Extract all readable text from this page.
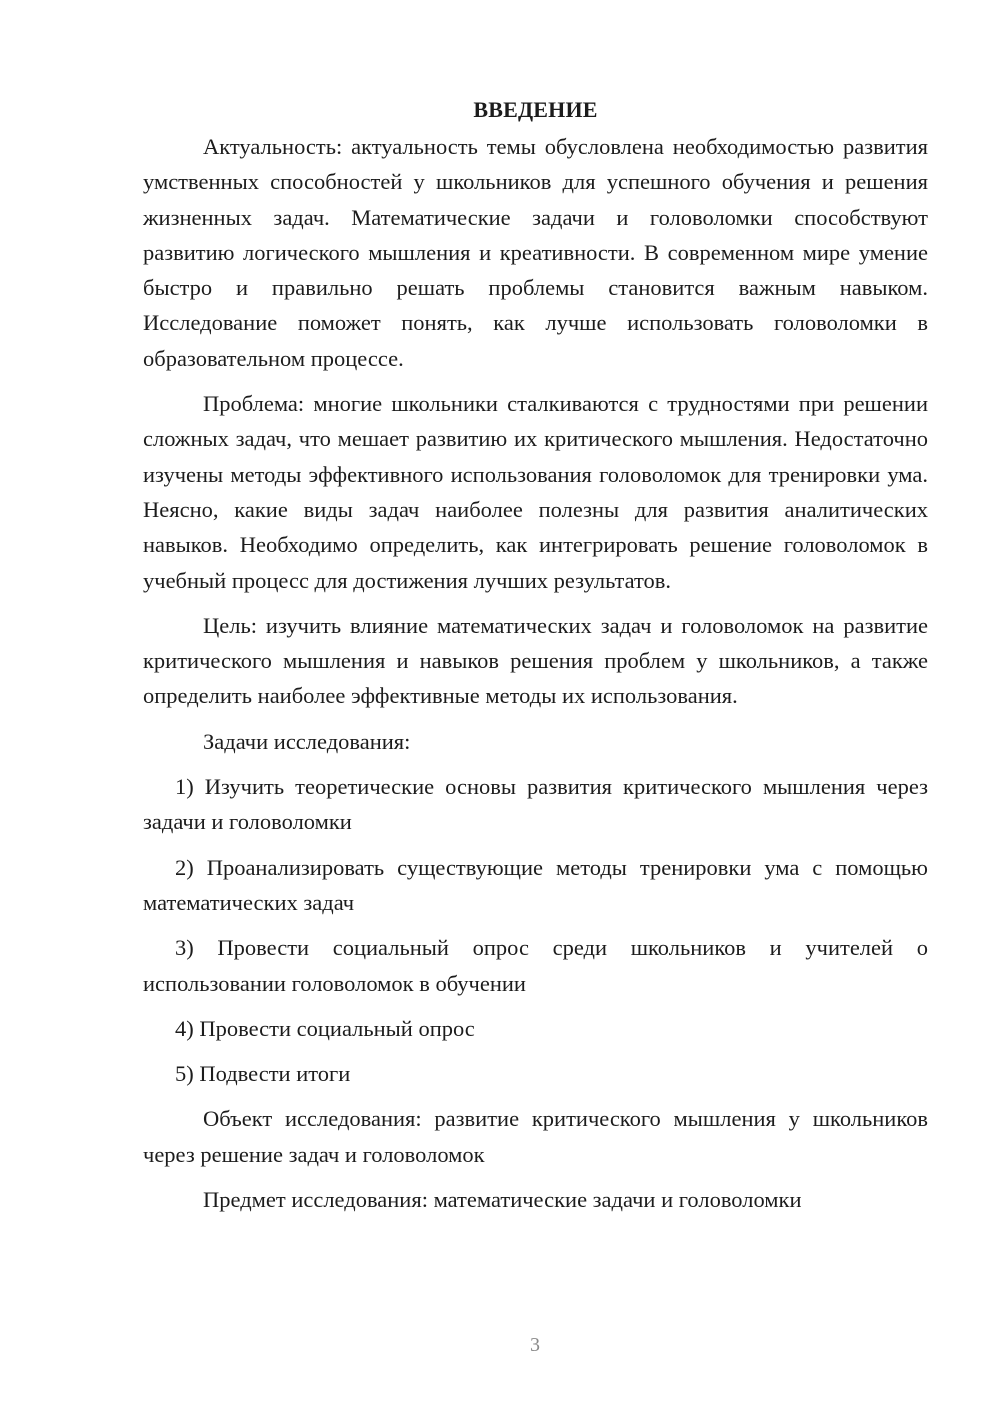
ВВЕДЕНИЕ

Актуальность: актуальность темы обусловлена необходимостью развития умственных способностей у школьников для успешного обучения и решения жизненных задач. Математические задачи и головоломки способствуют развитию логического мышления и креативности. В современном мире умение быстро и правильно решать проблемы становится важным навыком. Исследование поможет понять, как лучше использовать головоломки в образовательном процессе.

Проблема: многие школьники сталкиваются с трудностями при решении сложных задач, что мешает развитию их критического мышления. Недостаточно изучены методы эффективного использования головоломок для тренировки ума. Неясно, какие виды задач наиболее полезны для развития аналитических навыков. Необходимо определить, как интегрировать решение головоломок в учебный процесс для достижения лучших результатов.

Цель: изучить влияние математических задач и головоломок на развитие критического мышления и навыков решения проблем у школьников, а также определить наиболее эффективные методы их использования.

Задачи исследования:

1) Изучить теоретические основы развития критического мышления через задачи и головоломки

2) Проанализировать существующие методы тренировки ума с помощью математических задач

3) Провести социальный опрос среди школьников и учителей о использовании головоломок в обучении

4) Провести социальный опрос

5) Подвести итоги

Объект исследования: развитие критического мышления у школьников через решение задач и головоломок

Предмет исследования: математические задачи и головоломки

3
